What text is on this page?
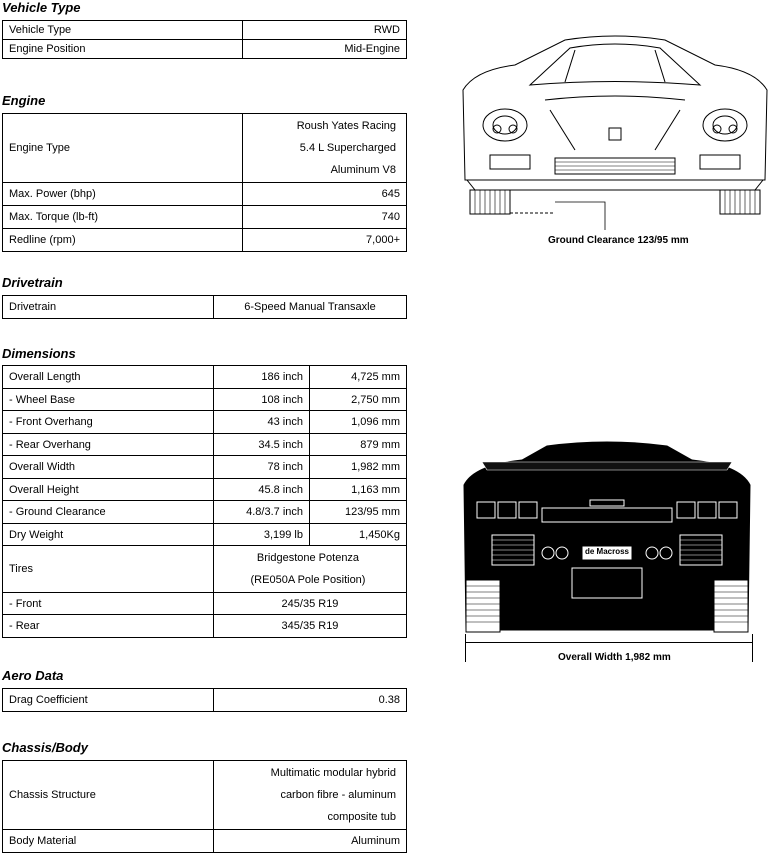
Vehicle Type
Vehicle Type	RWD
Engine Position	Mid-Engine
Engine
Engine Type	Roush Yates Racing
5.4 L Supercharged
Aluminum V8

Max. Power (bhp)	645
Max. Torque (lb-ft)	740
Redline (rpm)	7,000+
Drivetrain
Drivetrain	6-Speed Manual Transaxle
Dimensions
Overall Length	186 inch	4,725 mm
- Wheel Base	108 inch	2,750 mm
- Front Overhang	43 inch	1,096 mm
- Rear Overhang	34.5 inch	879 mm
Overall Width	78 inch	1,982 mm
Overall Height	45.8 inch	1,163 mm
- Ground Clearance	4.8/3.7 inch	123/95 mm
Dry Weight	3,199 lb	1,450Kg
Tires	Bridgestone Potenza
(RE050A Pole Position)	

- Front	245/35 R19	
- Rear	345/35 R19	
Aero Data
Drag Coefficient	0.38
Chassis/Body
Chassis Structure	Multimatic modular hybrid
carbon fibre - aluminum
composite tub

Body Material	Aluminum
Ground Clearance 123/95 mm
de Macross
Overall Width 1,982 mm
